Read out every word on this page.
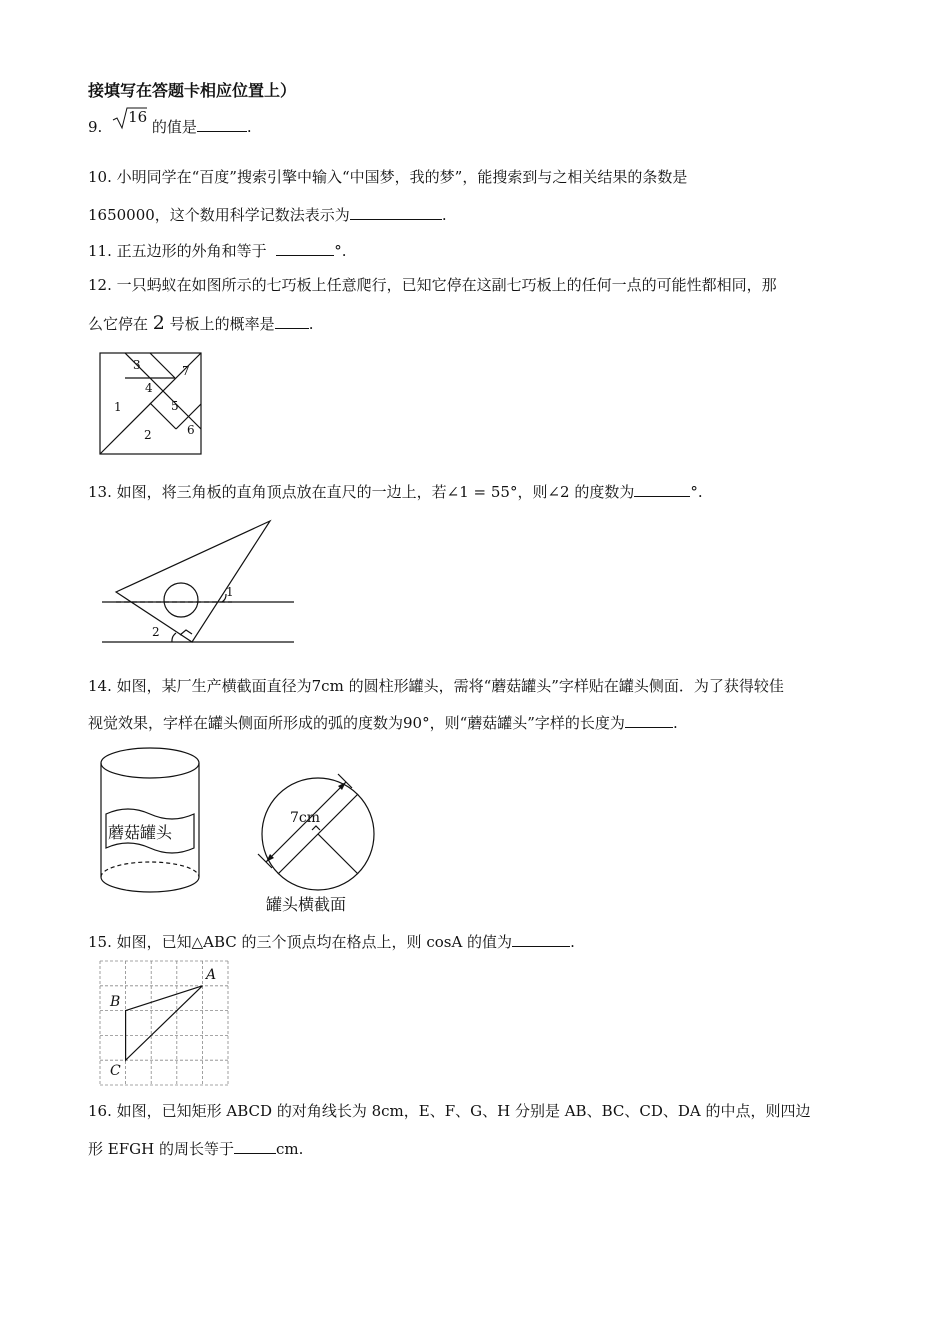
接填写在答题卡相应位置上）
9.
16
的值是	.
10. 小明同学在“百度”搜索引擎中输入“中国梦，我的梦”，能搜索到与之相关结果的条数是
1650000，这个数用科学记数法表示为	.
11. 正五边形的外角和等于	°.
12. 一只蚂蚁在如图所示的七巧板上任意爬行，已知它停在这副七巧板上的任何一点的可能性都相同，那
么它停在 2 号板上的概率是 .
1
2
3
4
5
6
7
13. 如图，将三角板的直角顶点放在直尺的一边上，若∠1 = 55°，则∠2 的度数为	°.
1
2
14. 如图，某厂生产横截面直径为7cm 的圆柱形罐头，需将“蘑菇罐头”字样贴在罐头侧面．为了获得较佳
视觉效果，字样在罐头侧面所形成的弧的度数为90°，则“蘑菇罐头”字样的长度为	.
蘑菇罐头
7cm
罐头横截面
15. 如图，已知△ABC 的三个顶点均在格点上，则 cosA 的值为	.
A
B
C
16. 如图，已知矩形 ABCD 的对角线长为 8cm，E、F、G、H 分别是 AB、BC、CD、DA 的中点，则四边
形 EFGH 的周长等于	cm.
